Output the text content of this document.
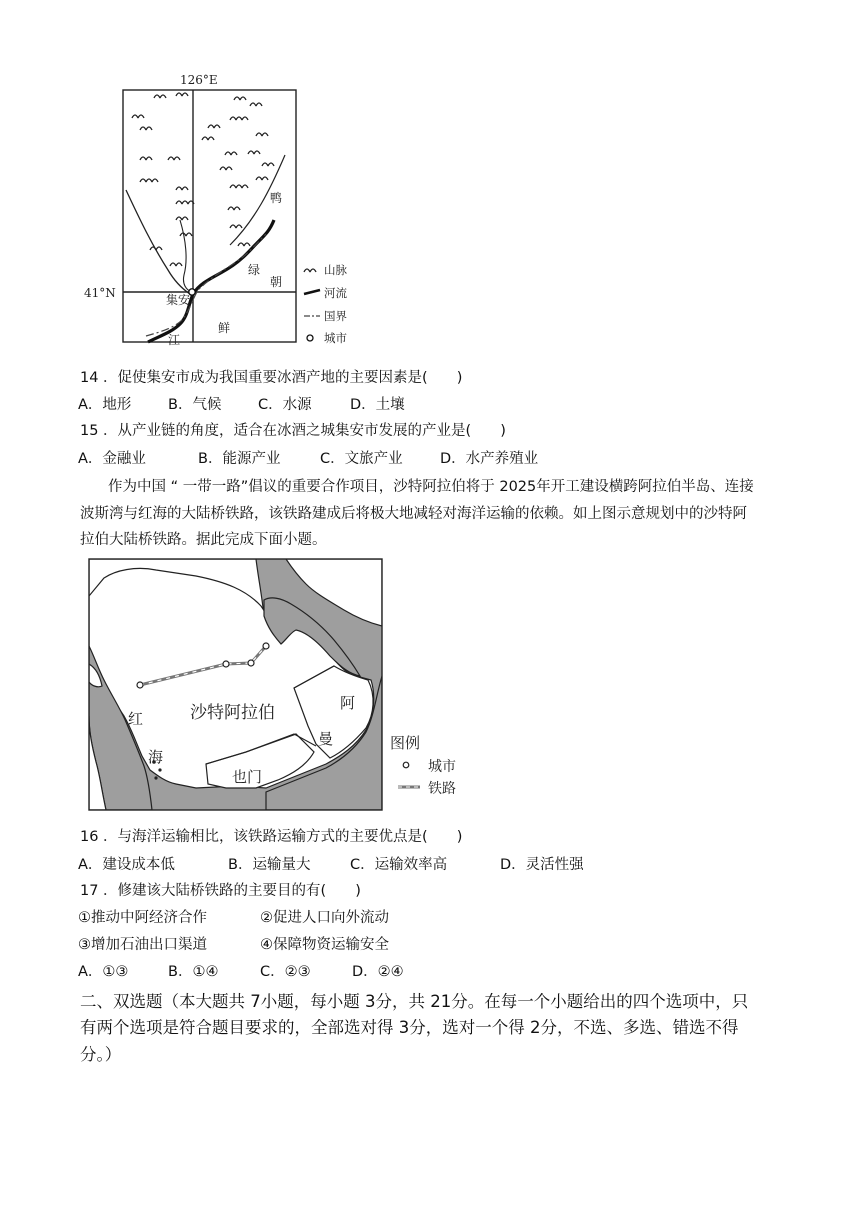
126°E
41°N	集安
鸭
绿
江
朝
鲜
山脉
河流
国界
城市
14 ．促使集安市成为我国重要冰酒产地的主要因素是(　　)
A．地形	B．气候	C．水源	D．土壤
15 ．从产业链的角度，适合在冰酒之城集安市发展的产业是(　　)
A．金融业	B．能源产业	C．文旅产业	D．水产养殖业
作为中国 “ 一带一路”倡议的重要合作项目，沙特阿拉伯将于 2025年开工建设横跨阿拉伯半岛、连接
波斯湾与红海的大陆桥铁路，该铁路建成后将极大地减轻对海洋运输的依赖。如上图示意规划中的沙特阿
拉伯大陆桥铁路。据此完成下面小题。
沙特阿拉伯
红
海
阿
曼
也门
图例
城市
铁路
16 ．与海洋运输相比，该铁路运输方式的主要优点是(　　)
A．建设成本低	B．运输量大	C．运输效率高	D．灵活性强
17 ．修建该大陆桥铁路的主要目的有(　　)
①推动中阿经济合作	②促进人口向外流动
③增加石油出口渠道	④保障物资运输安全
A．①③	B．①④	C．②③	D．②④
二、双选题（本大题共 7小题，每小题 3分，共 21分。在每一个小题给出的四个选项中，只
有两个选项是符合题目要求的，全部选对得 3分，选对一个得 2分，不选、多选、错选不得
分。）
